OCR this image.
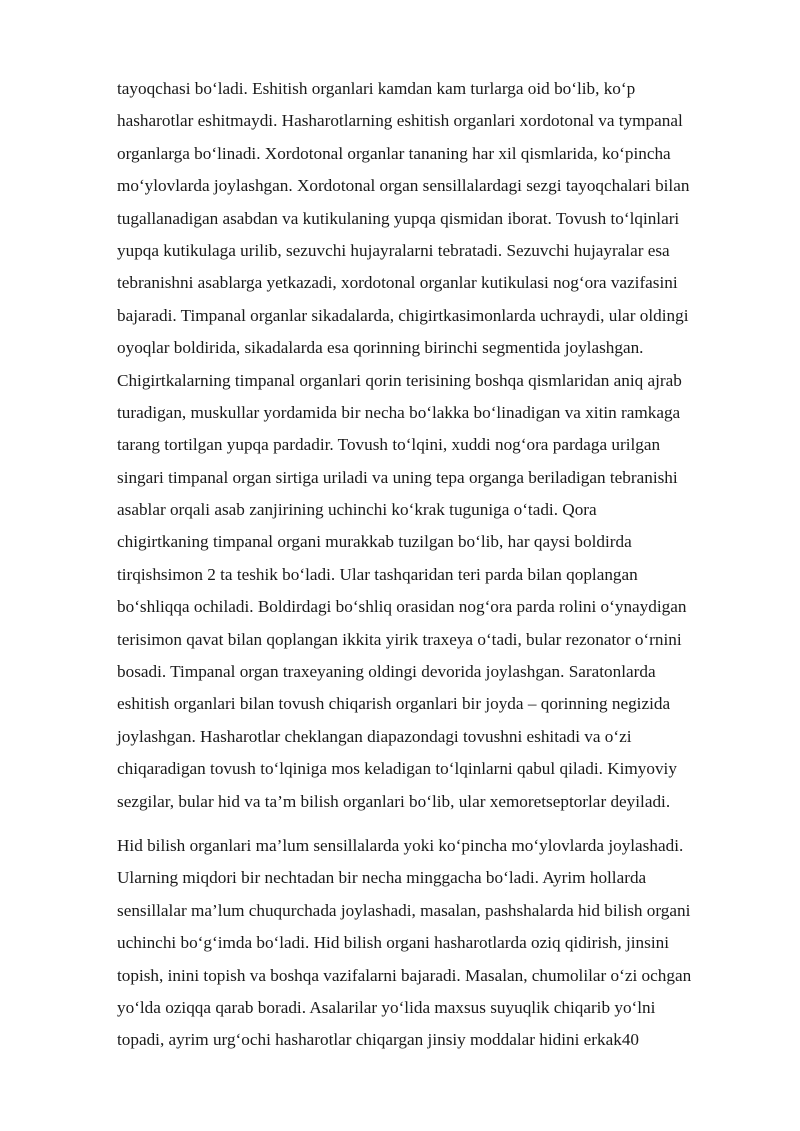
tayoqchasi bo‘ladi. Eshitish organlari kamdan kam turlarga oid bo‘lib, ko‘p
hasharotlar eshitmaydi. Hasharotlarning eshitish organlari xordotonal va tympanal
organlarga bo‘linadi. Xordotonal organlar tananing har xil qismlarida, ko‘pincha
mo‘ylovlarda joylashgan. Xordotonal organ sensillalardagi sezgi tayoqchalari bilan
tugallanadigan asabdan va kutikulaning yupqa qismidan iborat. Tovush to‘lqinlari
yupqa kutikulaga urilib, sezuvchi hujayralarni tebratadi. Sezuvchi hujayralar esa
tebranishni asablarga yetkazadi, xordotonal organlar kutikulasi nog‘ora vazifasini
bajaradi. Timpanal organlar sikadalarda, chigirtkasimonlarda uchraydi, ular oldingi
oyoqlar boldirida, sikadalarda esa qorinning birinchi segmentida joylashgan.
Chigirtkalarning timpanal organlari qorin terisining boshqa qismlaridan aniq ajrab
turadigan, muskullar yordamida bir necha bo‘lakka bo‘linadigan va xitin ramkaga
tarang tortilgan yupqa pardadir. Tovush to‘lqini, xuddi nog‘ora pardaga urilgan
singari timpanal organ sirtiga uriladi va uning tepa organga beriladigan tebranishi
asablar orqali asab zanjirining uchinchi ko‘krak tuguniga o‘tadi. Qora
chigirtkaning timpanal organi murakkab tuzilgan bo‘lib, har qaysi boldirda
tirqishsimon 2 ta teshik bo‘ladi. Ular tashqaridan teri parda bilan qoplangan
bo‘shliqqa ochiladi. Boldirdagi bo‘shliq orasidan nog‘ora parda rolini o‘ynaydigan
terisimon qavat bilan qoplangan ikkita yirik traxeya o‘tadi, bular rezonator o‘rnini
bosadi. Timpanal organ traxeyaning oldingi devorida joylashgan. Saratonlarda
eshitish organlari bilan tovush chiqarish organlari bir joyda – qorinning negizida
joylashgan. Hasharotlar cheklangan diapazondagi tovushni eshitadi va o‘zi
chiqaradigan tovush to‘lqiniga mos keladigan to‘lqinlarni qabul qiladi. Kimyoviy
sezgilar, bular hid va ta’m bilish organlari bo‘lib, ular xemoretseptorlar deyiladi.
Hid bilish organlari ma’lum sensillalarda yoki ko‘pincha mo‘ylovlarda joylashadi.
Ularning miqdori bir nechtadan bir necha minggacha bo‘ladi. Ayrim hollarda
sensillalar ma’lum chuqurchada joylashadi, masalan, pashshalarda hid bilish organi
uchinchi bo‘g‘imda bo‘ladi. Hid bilish organi hasharotlarda oziq qidirish, jinsini
topish, inini topish va boshqa vazifalarni bajaradi. Masalan, chumolilar o‘zi ochgan
yo‘lda oziqqa qarab boradi. Asalarilar yo‘lida maxsus suyuqlik chiqarib yo‘lni
topadi, ayrim urg‘ochi hasharotlar chiqargan jinsiy moddalar hidini erkak40
